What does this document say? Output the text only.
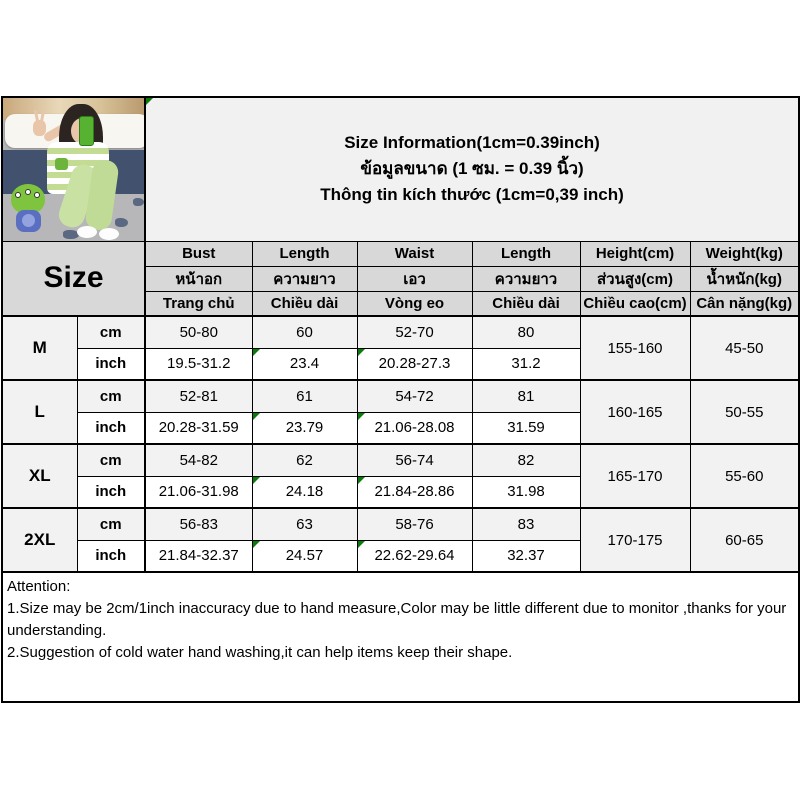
		Size Information(1cm=0.39inch)
ข้อมูลขนาด (1 ซม. = 0.39 นิ้ว)
Thông tin kích thước (1cm=0,39 inch)					

Size		Bust	Length	Waist	Length	Height(cm)	Weight(kg)
		หน้าอก	ความยาว	เอว	ความยาว	ส่วนสูง(cm)	น้ำหนัก(kg)
		Trang chủ	Chiều dài	Vòng eo	Chiều dài	Chiều cao(cm)	Cân nặng(kg)
M	cm	50-80	60	52-70	80	155-160	45-50
	inch	19.5-31.2	23.4	20.28-27.3	31.2		
L	cm	52-81	61	54-72	81	160-165	50-55
	inch	20.28-31.59	23.79	21.06-28.08	31.59		
XL	cm	54-82	62	56-74	82	165-170	55-60
	inch	21.06-31.98	24.18	21.84-28.86	31.98		
2XL	cm	56-83	63	58-76	83	170-175	60-65
	inch	21.84-32.37	24.57	22.62-29.64	32.37		

Attention:
1.Size may be 2cm/1inch inaccuracy due to hand measure,Color may be little different due to monitor ,thanks for your understanding.
2.Suggestion of cold water hand washing,it can help items keep their shape.							
